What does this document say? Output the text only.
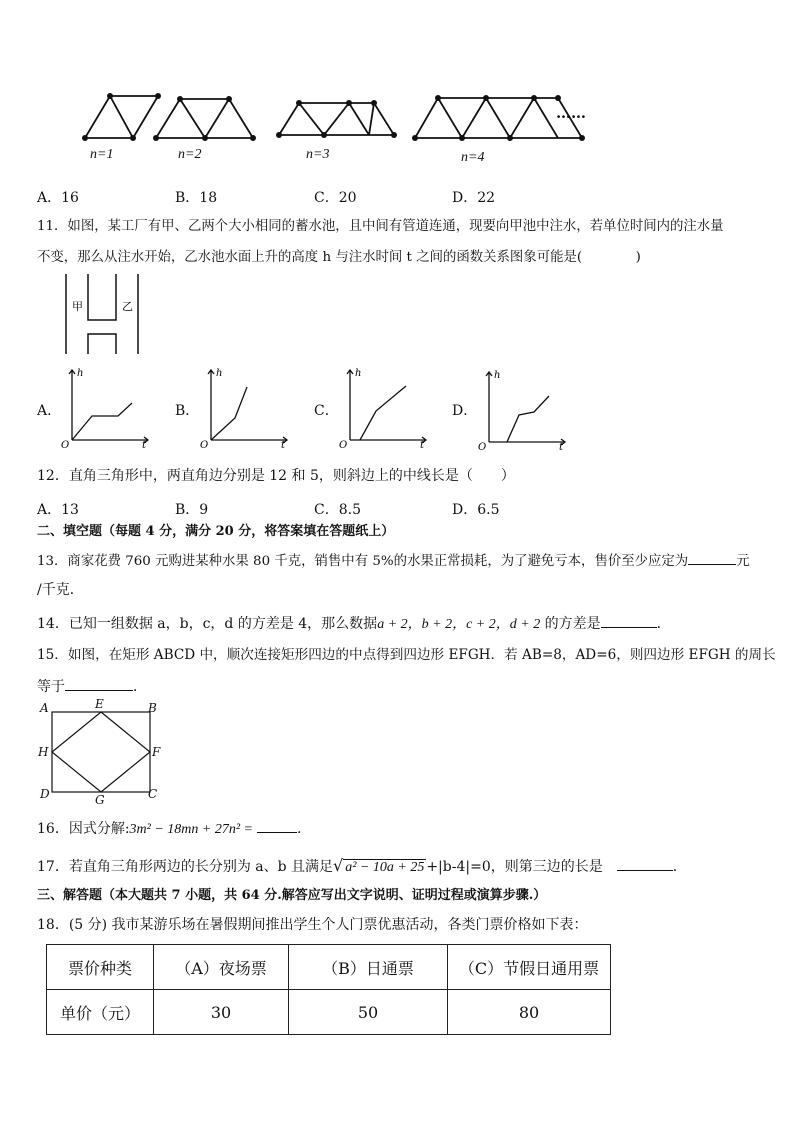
n=1	n=2	n=3	n=4
……
A．16	B．18	C．20	D．22
11．如图，某工厂有甲、乙两个大小相同的蓄水池，且中间有管道连通，现要向甲池中注水，若单位时间内的注水量
不变，那么从注水开始，乙水池水面上升的高度 h 与注水时间 t 之间的函数关系图象可能是(　　　　)
甲	乙
A．	B．	C．	D．
h
t
O
h
t
O
h
t
O
h
t
O
12．直角三角形中，两直角边分别是 12 和 5，则斜边上的中线长是（　　）
A．13	B．9	C．8.5	D．6.5
二、填空题（每题 4 分，满分 20 分，将答案填在答题纸上）
13．商家花费 760 元购进某种水果 80 千克，销售中有 5%的水果正常损耗，为了避免亏本，售价至少应定为	元
/千克．
14．已知一组数据 a，b，c，d 的方差是 4，那么数据a + 2，b + 2，c + 2，d + 2 的方差是	．
15．如图，在矩形 ABCD 中，顺次连接矩形四边的中点得到四边形 EFGH．若 AB=8，AD=6，则四边形 EFGH 的周长
等于	．
A	E	B
H	F
D	G	C
16．因式分解:3m² − 18mn + 27n² =	.
17．若直角三角形两边的长分别为 a、b 且满足√ a² − 10a + 25 +|b-4|=0，则第三边的长是	．
三、解答题（本大题共 7 小题，共 64 分.解答应写出文字说明、证明过程或演算步骤.）
18．(5 分) 我市某游乐场在暑假期间推出学生个人门票优惠活动，各类门票价格如下表：
票价种类	（A）夜场票	（B）日通票	（C）节假日通用票
单价（元）	30	50	80
